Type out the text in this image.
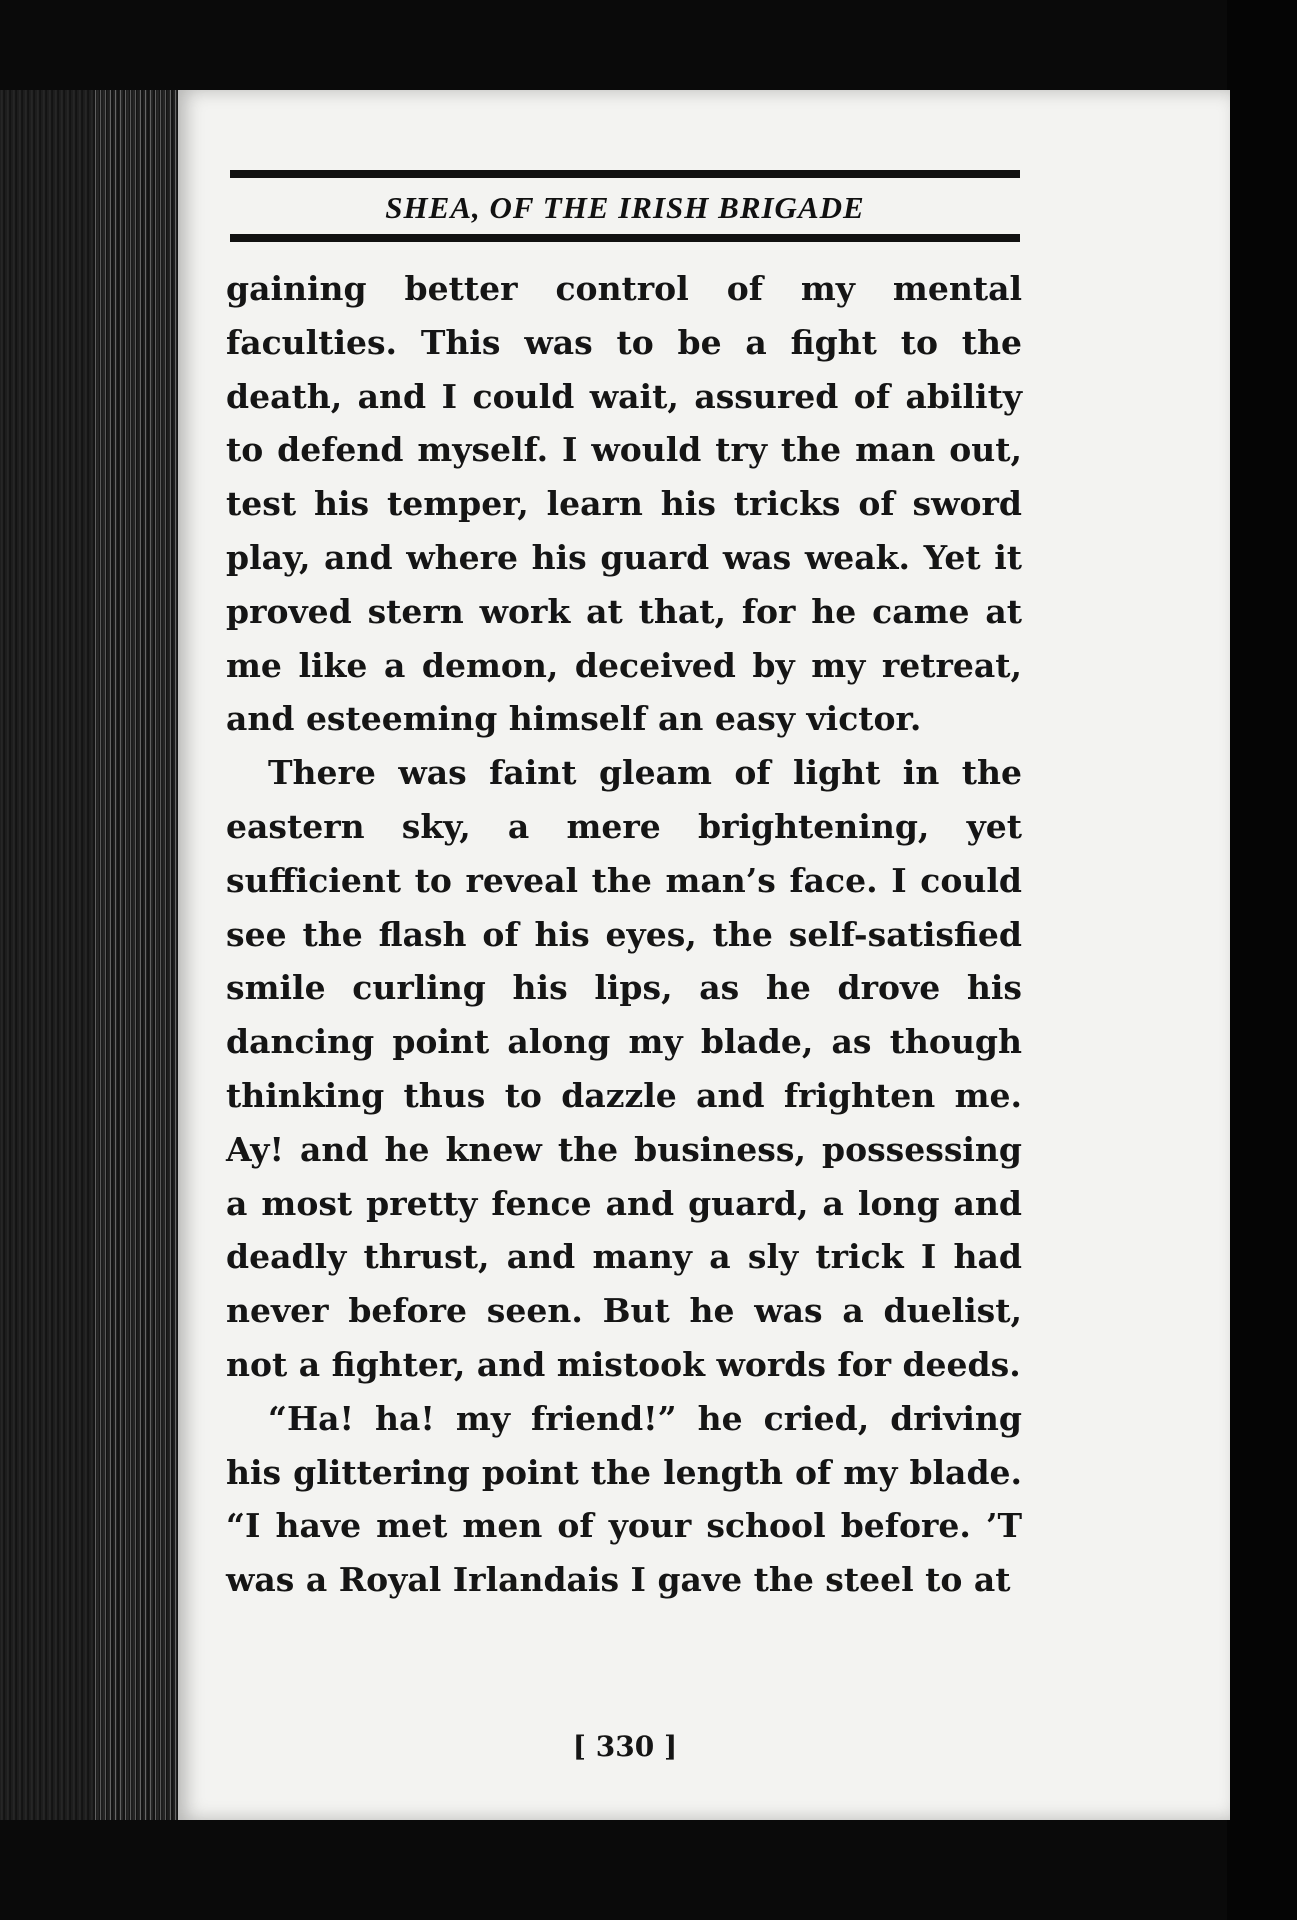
SHEA, OF THE IRISH BRIGADE

gaining better control of my mental faculties. This was to be a fight to the death, and I could wait, assured of ability to defend myself. I would try the man out, test his temper, learn his tricks of sword play, and where his guard was weak. Yet it proved stern work at that, for he came at me like a demon, deceived by my retreat, and esteeming himself an easy victor.

There was faint gleam of light in the eastern sky, a mere brightening, yet sufficient to reveal the man’s face. I could see the flash of his eyes, the self-satisfied smile curling his lips, as he drove his dancing point along my blade, as though thinking thus to dazzle and frighten me. Ay! and he knew the business, possessing a most pretty fence and guard, a long and deadly thrust, and many a sly trick I had never before seen. But he was a duelist, not a fighter, and mistook words for deeds.

“Ha! ha! my friend!” he cried, driving his glittering point the length of my blade. “I have met men of your school before. ’T was a Royal Irlandais I gave the steel to at

[ 330 ]
